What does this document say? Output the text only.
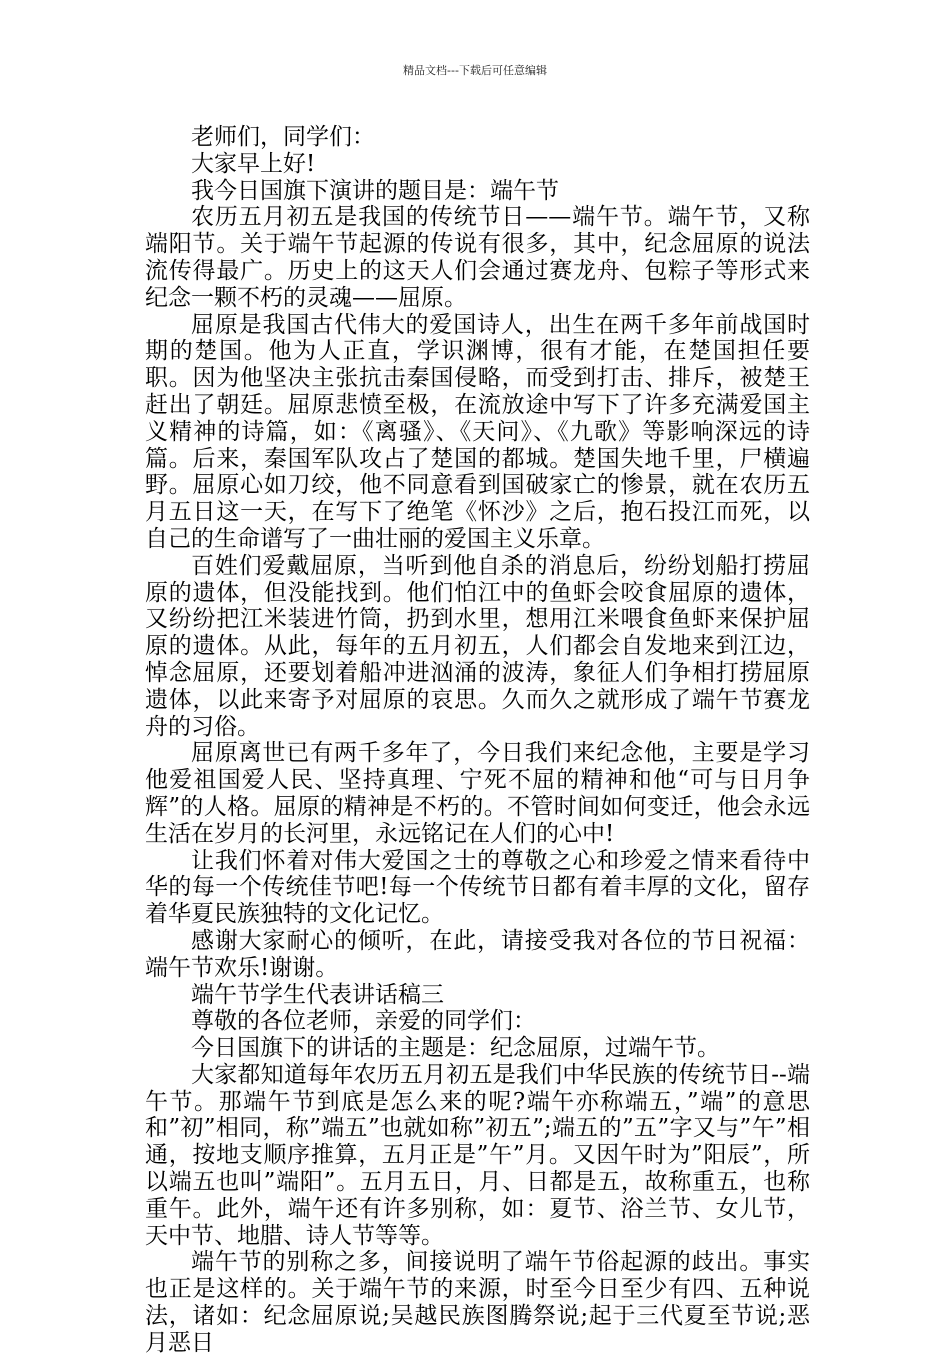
精品文档---下载后可任意编辑

老师们，同学们：

大家早上好!

我今日国旗下演讲的题目是：端午节

农历五月初五是我国的传统节日——端午节。端午节，又称端阳节。关于端午节起源的传说有很多，其中，纪念屈原的说法流传得最广。历史上的这天人们会通过赛龙舟、包粽子等形式来纪念一颗不朽的灵魂——屈原。

屈原是我国古代伟大的爱国诗人，出生在两千多年前战国时期的楚国。他为人正直，学识渊博，很有才能，在楚国担任要职。因为他坚决主张抗击秦国侵略，而受到打击、排斥，被楚王赶出了朝廷。屈原悲愤至极，在流放途中写下了许多充满爱国主义精神的诗篇，如：《离骚》、《天问》、《九歌》等影响深远的诗篇。后来，秦国军队攻占了楚国的都城。楚国失地千里，尸横遍野。屈原心如刀绞，他不同意看到国破家亡的惨景，就在农历五月五日这一天，在写下了绝笔《怀沙》之后，抱石投江而死，以自己的生命谱写了一曲壮丽的爱国主义乐章。

百姓们爱戴屈原，当听到他自杀的消息后，纷纷划船打捞屈原的遗体，但没能找到。他们怕江中的鱼虾会咬食屈原的遗体，又纷纷把江米装进竹筒，扔到水里，想用江米喂食鱼虾来保护屈原的遗体。从此，每年的五月初五，人们都会自发地来到江边，悼念屈原，还要划着船冲进汹涌的波涛，象征人们争相打捞屈原遗体，以此来寄予对屈原的哀思。久而久之就形成了端午节赛龙舟的习俗。

屈原离世已有两千多年了，今日我们来纪念他，主要是学习他爱祖国爱人民、坚持真理、宁死不屈的精神和他“可与日月争辉”的人格。屈原的精神是不朽的。不管时间如何变迁，他会永远生活在岁月的长河里，永远铭记在人们的心中!

让我们怀着对伟大爱国之士的尊敬之心和珍爱之情来看待中华的每一个传统佳节吧!每一个传统节日都有着丰厚的文化，留存着华夏民族独特的文化记忆。

感谢大家耐心的倾听，在此，请接受我对各位的节日祝福：端午节欢乐!谢谢。

端午节学生代表讲话稿三

尊敬的各位老师，亲爱的同学们：

今日国旗下的讲话的主题是：纪念屈原，过端午节。

大家都知道每年农历五月初五是我们中华民族的传统节日--端午节。那端午节到底是怎么来的呢?端午亦称端五，”端”的意思和”初”相同，称”端五”也就如称”初五”;端五的”五”字又与”午”相通，按地支顺序推算，五月正是”午”月。又因午时为”阳辰”，所以端五也叫”端阳”。五月五日，月、日都是五，故称重五，也称重午。此外，端午还有许多别称，如：夏节、浴兰节、女儿节，天中节、地腊、诗人节等等。

端午节的别称之多，间接说明了端午节俗起源的歧出。事实也正是这样的。关于端午节的来源，时至今日至少有四、五种说法，诸如：纪念屈原说;吴越民族图腾祭说;起于三代夏至节说;恶月恶日
